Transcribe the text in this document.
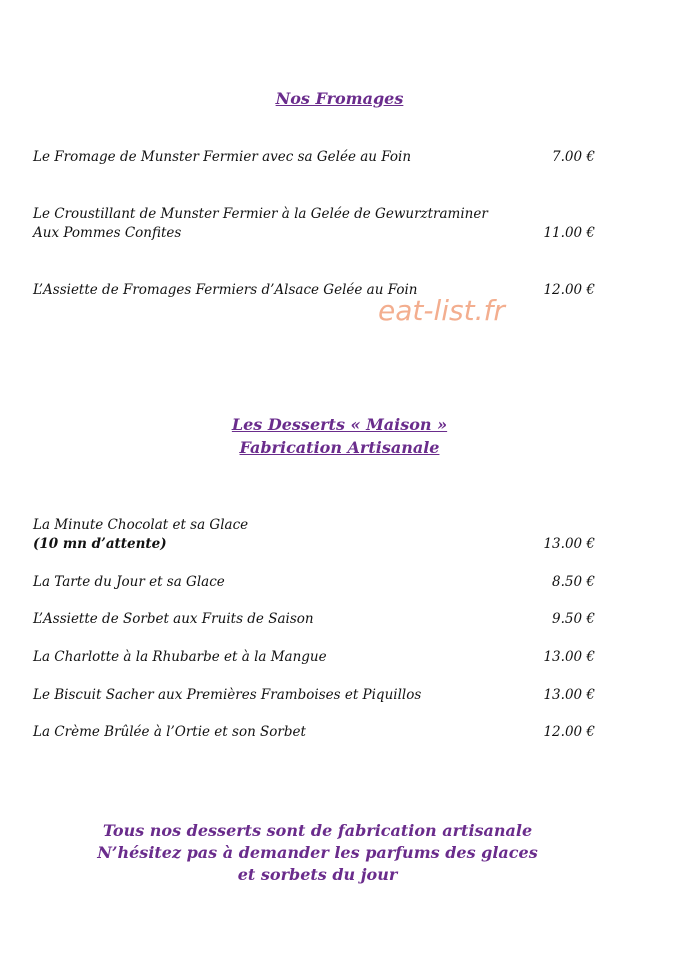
Nos Fromages
Le Fromage de Munster Fermier avec sa Gelée au Foin	7.00 €
Le Croustillant de Munster Fermier à la Gelée de Gewurztraminer
Aux Pommes Confites	11.00 €
L’Assiette de Fromages Fermiers d’Alsace Gelée au Foin	12.00 €
eat-list.fr
Les Desserts « Maison »
Fabrication Artisanale
La Minute Chocolat et sa Glace
(10 mn d’attente)	13.00 €
La Tarte du Jour et sa Glace	8.50 €
L’Assiette de Sorbet aux Fruits de Saison	9.50 €
La Charlotte à la Rhubarbe et à la Mangue	13.00 €
Le Biscuit Sacher aux Premières Framboises et Piquillos	13.00 €
La Crème Brûlée à l’Ortie et son Sorbet	12.00 €
Tous nos desserts sont de fabrication artisanale
N’hésitez pas à demander les parfums des glaces
et sorbets du jour
